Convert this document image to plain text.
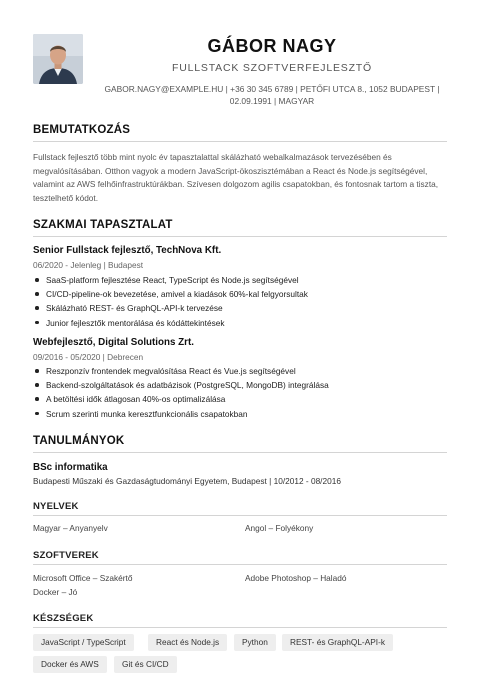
GÁBOR NAGY
FULLSTACK SZOFTVERFEJLESZTŐ
GABOR.NAGY@EXAMPLE.HU | +36 30 345 6789 | PETŐFI UTCA 8., 1052 BUDAPEST |
02.09.1991 | MAGYAR
BEMUTATKOZÁS
Fullstack fejlesztő több mint nyolc év tapasztalattal skálázható webalkalmazások tervezésében és megvalósításában. Otthon vagyok a modern JavaScript-ökoszisztémában a React és Node.js segítségével, valamint az AWS felhőinfrastruktúrákban. Szívesen dolgozom agilis csapatokban, és fontosnak tartom a tiszta, tesztelhető kódot.
SZAKMAI TAPASZTALAT
Senior Fullstack fejlesztő, TechNova Kft.
06/2020 - Jelenleg | Budapest
SaaS-platform fejlesztése React, TypeScript és Node.js segítségével
CI/CD-pipeline-ok bevezetése, amivel a kiadások 60%-kal felgyorsultak
Skálázható REST- és GraphQL-API-k tervezése
Junior fejlesztők mentorálása és kódáttekintések
Webfejlesztő, Digital Solutions Zrt.
09/2016 - 05/2020 | Debrecen
Reszponzív frontendek megvalósítása React és Vue.js segítségével
Backend-szolgáltatások és adatbázisok (PostgreSQL, MongoDB) integrálása
A betöltési idők átlagosan 40%-os optimalizálása
Scrum szerinti munka keresztfunkcionális csapatokban
TANULMÁNYOK
BSc informatika
Budapesti Műszaki és Gazdaságtudományi Egyetem, Budapest | 10/2012 - 08/2016
NYELVEK
Magyar – Anyanyelv	Angol – Folyékony
SZOFTVEREK
Microsoft Office – Szakértő	Adobe Photoshop – Haladó
Docker – Jó
KÉSZSÉGEK
JavaScript / TypeScript	React és Node.js	Python	REST- és GraphQL-API-k
Docker és AWS	Git és CI/CD
